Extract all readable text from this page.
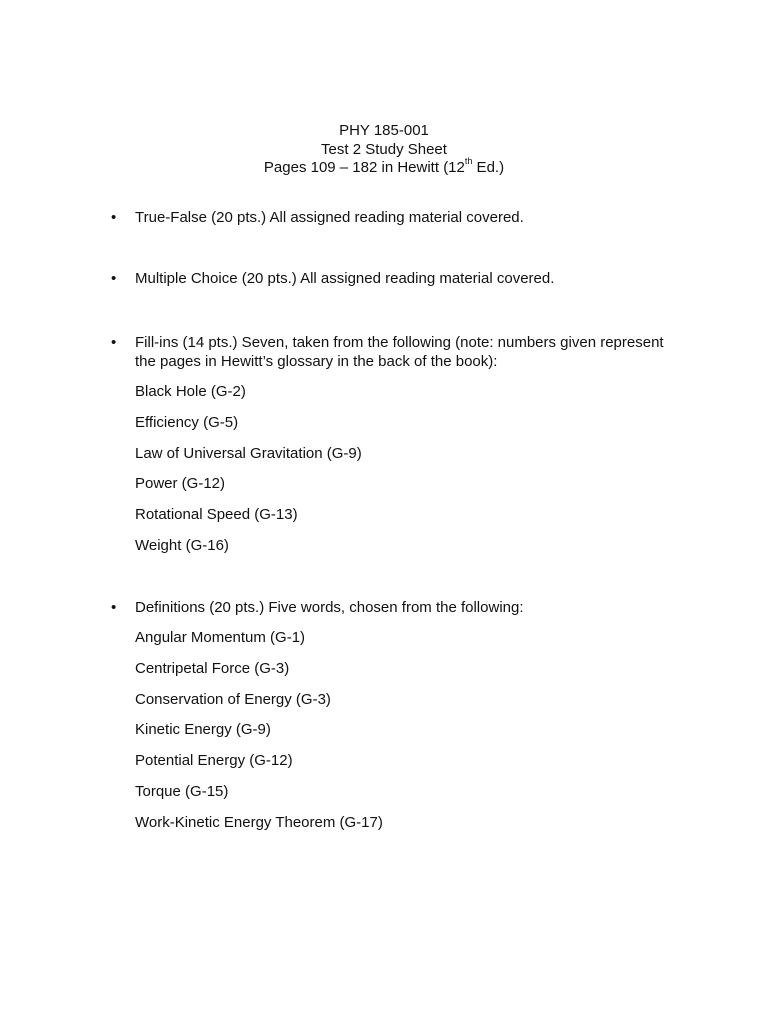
PHY 185-001
Test 2 Study Sheet
Pages 109 – 182 in Hewitt (12th Ed.)
• True-False (20 pts.) All assigned reading material covered.
• Multiple Choice (20 pts.) All assigned reading material covered.
• Fill-ins (14 pts.) Seven, taken from the following (note: numbers given represent the pages in Hewitt’s glossary in the back of the book):
Black Hole (G-2)
Efficiency (G-5)
Law of Universal Gravitation (G-9)
Power (G-12)
Rotational Speed (G-13)
Weight (G-16)
• Definitions (20 pts.) Five words, chosen from the following:
Angular Momentum (G-1)
Centripetal Force (G-3)
Conservation of Energy (G-3)
Kinetic Energy (G-9)
Potential Energy (G-12)
Torque (G-15)
Work-Kinetic Energy Theorem (G-17)
